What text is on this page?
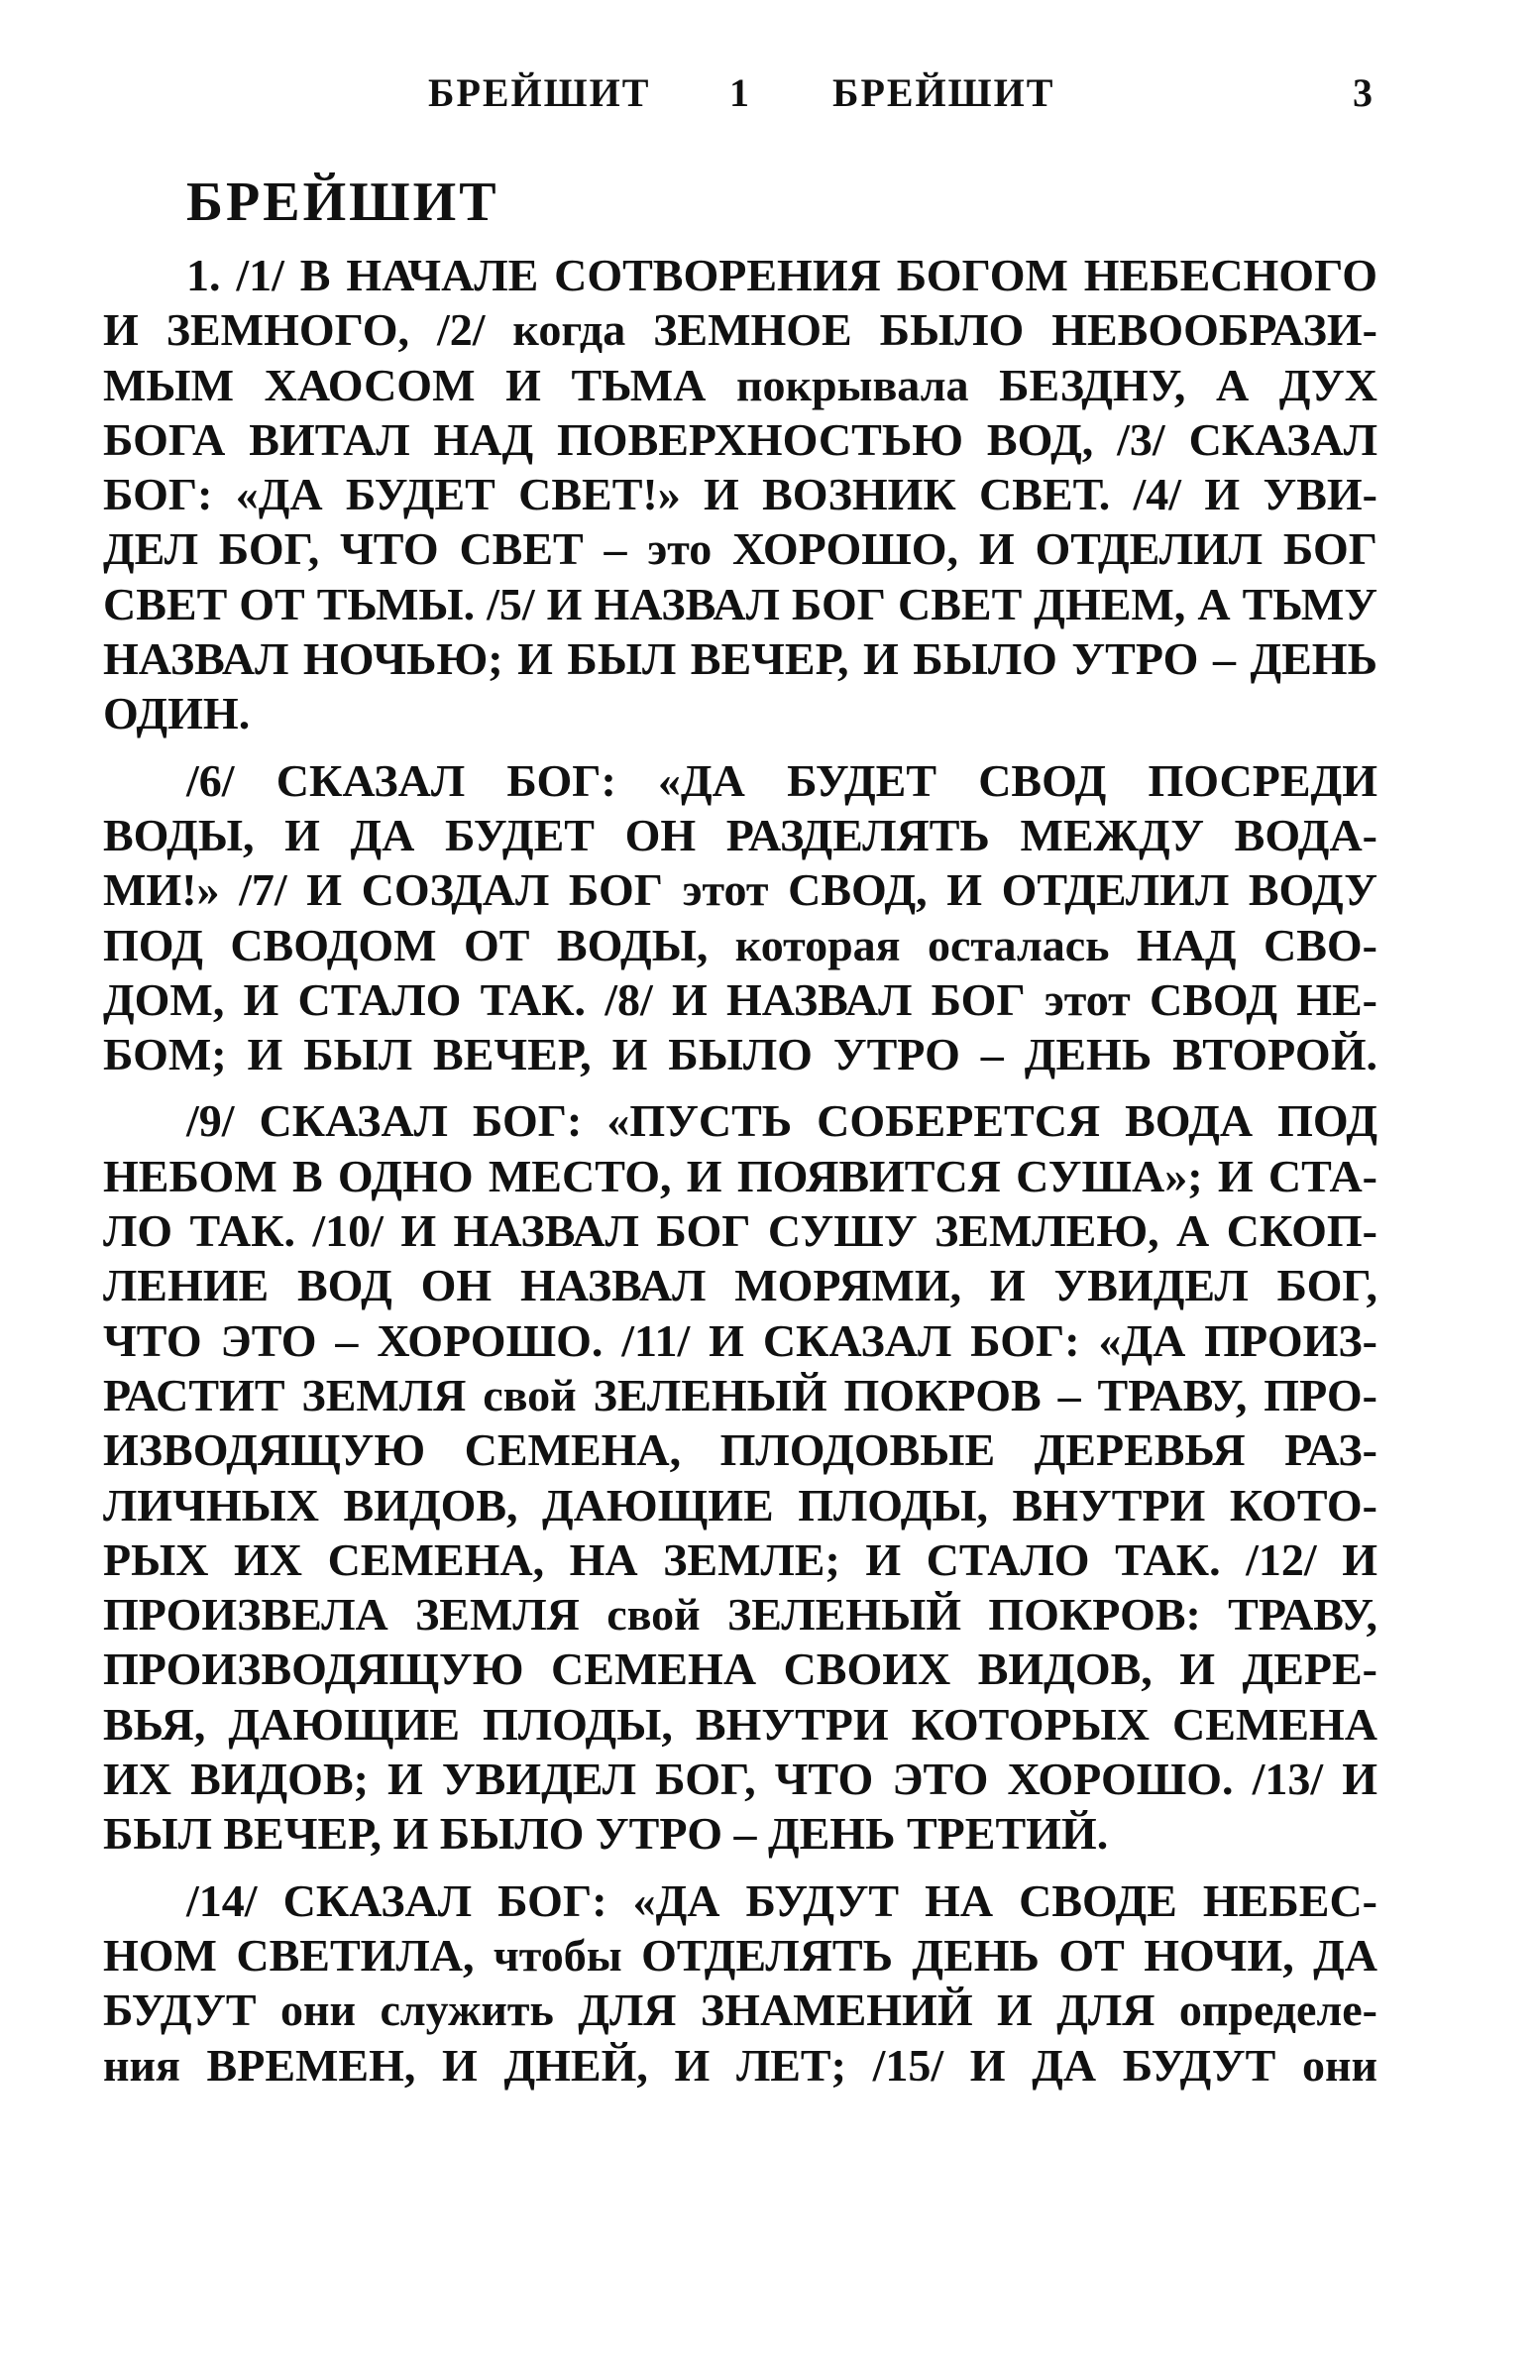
БРЕЙШИТ 1 БРЕЙШИТ	3
БРЕЙШИТ
1. /1/ В НАЧАЛЕ СОТВОРЕНИЯ БОГОМ НЕБЕСНОГО
И ЗЕМНОГО, /2/ когда ЗЕМНОЕ БЫЛО НЕВООБРАЗИ-
МЫМ ХАОСОМ И ТЬМА покрывала БЕЗДНУ, А ДУХ
БОГА ВИТАЛ НАД ПОВЕРХНОСТЬЮ ВОД, /3/ СКАЗАЛ
БОГ: «ДА БУДЕТ СВЕТ!» И ВОЗНИК СВЕТ. /4/ И УВИ-
ДЕЛ БОГ, ЧТО СВЕТ – это ХОРОШО, И ОТДЕЛИЛ БОГ
СВЕТ ОТ ТЬМЫ. /5/ И НАЗВАЛ БОГ СВЕТ ДНЕМ, А ТЬМУ
НАЗВАЛ НОЧЬЮ; И БЫЛ ВЕЧЕР, И БЫЛО УТРО – ДЕНЬ
ОДИН.
/6/ СКАЗАЛ БОГ: «ДА БУДЕТ СВОД ПОСРЕДИ
ВОДЫ, И ДА БУДЕТ ОН РАЗДЕЛЯТЬ МЕЖДУ ВОДА-
МИ!» /7/ И СОЗДАЛ БОГ этот СВОД, И ОТДЕЛИЛ ВОДУ
ПОД СВОДОМ ОТ ВОДЫ, которая осталась НАД СВО-
ДОМ, И СТАЛО ТАК. /8/ И НАЗВАЛ БОГ этот СВОД НЕ-
БОМ; И БЫЛ ВЕЧЕР, И БЫЛО УТРО – ДЕНЬ ВТОРОЙ.
/9/ СКАЗАЛ БОГ: «ПУСТЬ СОБЕРЕТСЯ ВОДА ПОД
НЕБОМ В ОДНО МЕСТО, И ПОЯВИТСЯ СУША»; И СТА-
ЛО ТАК. /10/ И НАЗВАЛ БОГ СУШУ ЗЕМЛЕЮ, А СКОП-
ЛЕНИЕ ВОД ОН НАЗВАЛ МОРЯМИ, И УВИДЕЛ БОГ,
ЧТО ЭТО – ХОРОШО. /11/ И СКАЗАЛ БОГ: «ДА ПРОИЗ-
РАСТИТ ЗЕМЛЯ свой ЗЕЛЕНЫЙ ПОКРОВ – ТРАВУ, ПРО-
ИЗВОДЯЩУЮ СЕМЕНА, ПЛОДОВЫЕ ДЕРЕВЬЯ РАЗ-
ЛИЧНЫХ ВИДОВ, ДАЮЩИЕ ПЛОДЫ, ВНУТРИ КОТО-
РЫХ ИХ СЕМЕНА, НА ЗЕМЛЕ; И СТАЛО ТАК. /12/ И
ПРОИЗВЕЛА ЗЕМЛЯ свой ЗЕЛЕНЫЙ ПОКРОВ: ТРАВУ,
ПРОИЗВОДЯЩУЮ СЕМЕНА СВОИХ ВИДОВ, И ДЕРЕ-
ВЬЯ, ДАЮЩИЕ ПЛОДЫ, ВНУТРИ КОТОРЫХ СЕМЕНА
ИХ ВИДОВ; И УВИДЕЛ БОГ, ЧТО ЭТО ХОРОШО. /13/ И
БЫЛ ВЕЧЕР, И БЫЛО УТРО – ДЕНЬ ТРЕТИЙ.
/14/ СКАЗАЛ БОГ: «ДА БУДУТ НА СВОДЕ НЕБЕС-
НОМ СВЕТИЛА, чтобы ОТДЕЛЯТЬ ДЕНЬ ОТ НОЧИ, ДА
БУДУТ они служить ДЛЯ ЗНАМЕНИЙ И ДЛЯ определе-
ния ВРЕМЕН, И ДНЕЙ, И ЛЕТ; /15/ И ДА БУДУТ они
